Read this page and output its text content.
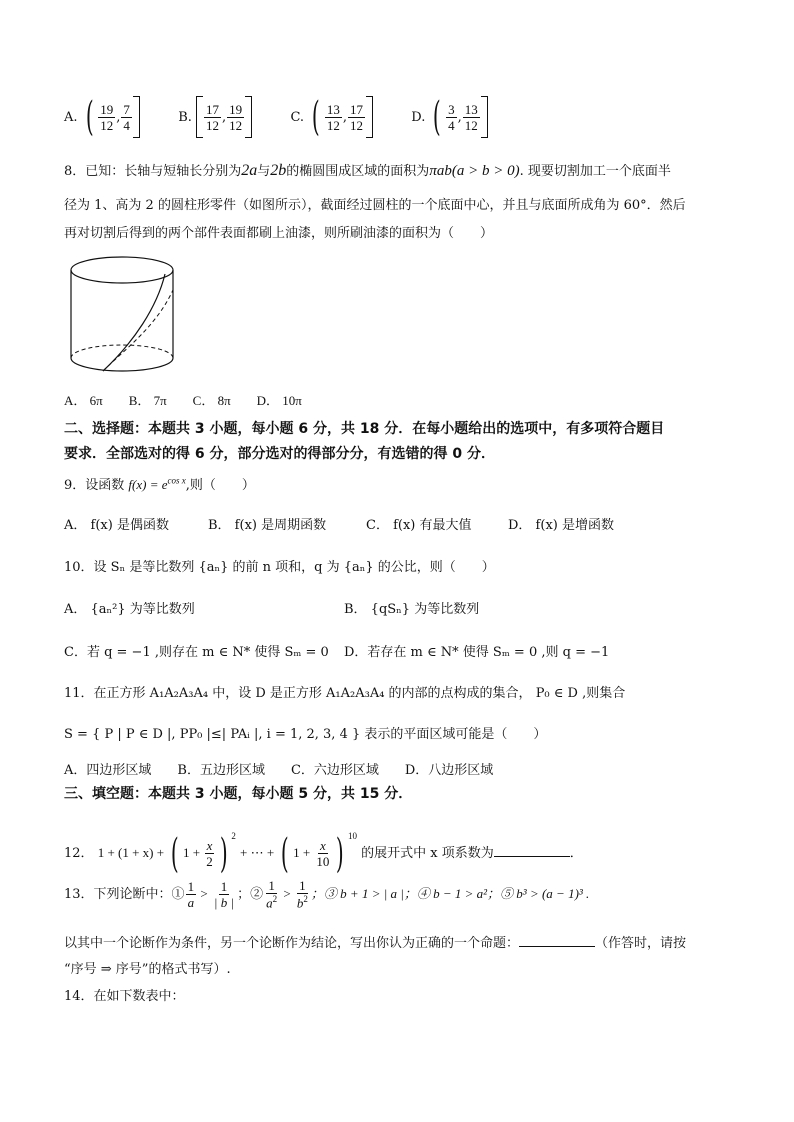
A. ( $\frac{19}{12}$ , $\frac{7}{4}$	B. $\frac{17}{12}$ , $\frac{19}{12}$	C. ( $\frac{13}{12}$ , $\frac{17}{12}$	D. ( $\frac{3}{4}$ , $\frac{13}{12}$
8．已知：长轴与短轴长分别为2a与2b的椭圆围成区域的面积为πab(a > b > 0). 现要切割加工一个底面半
径为 1、高为 2 的圆柱形零件（如图所示），截面经过圆柱的一个底面中心，并且与底面所成角为 60°．然后
再对切割后得到的两个部件表面都刷上油漆，则所刷油漆的面积为（　　）
A． 6π　　B． 7π　　C． 8π　　D． 10π
二、选择题：本题共 3 小题，每小题 6 分，共 18 分．在每小题给出的选项中，有多项符合题目
要求．全部选对的得 6 分，部分选对的得部分分，有选错的得 0 分．
9．设函数 $f(x) = e^{cos x}$,则（　　）
A． f(x) 是偶函数	B． f(x) 是周期函数	C． f(x) 有最大值	D． f(x) 是增函数
10．设 Sₙ 是等比数列 {aₙ} 的前 n 项和，q 为 {aₙ} 的公比，则（　　）
A． {aₙ²} 为等比数列	B． {qSₙ} 为等比数列
C．若 q = −1 ,则存在 m ∈ N* 使得 Sₘ = 0 D．若存在 m ∈ N* 使得 Sₘ = 0 ,则 q = −1
11．在正方形 A₁A₂A₃A₄ 中，设 D 是正方形 A₁A₂A₃A₄ 的内部的点构成的集合， P₀ ∈ D ,则集合
S = { P | P ∈ D |, PP₀ |≤| PAᵢ |, i = 1, 2, 3, 4 } 表示的平面区域可能是（　　）
A．四边形区域　　B．五边形区域　　C．六边形区域　　D．八边形区域
三、填空题：本题共 3 小题，每小题 5 分，共 15 分．
12． 1 + (1 + x) + ( $1 + \frac{x}{2}$ ) $^2$ + ⋯ + ( $1 + \frac{x}{10}$ ) $^{10}$ 的展开式中 x 项系数为	．
13．下列论断中：① $\frac{1}{a} > \frac{1}{| b |}$ ；② $\frac{1}{a^2} > \frac{1}{b^2}$ ；③ b + 1 > | a |；④ b − 1 > a²；⑤ b³ > (a − 1)³ .
以其中一个论断作为条件，另一个论断作为结论，写出你认为正确的一个命题：	（作答时，请按
“序号 ⇒ 序号”的格式书写）.
14．在如下数表中：
